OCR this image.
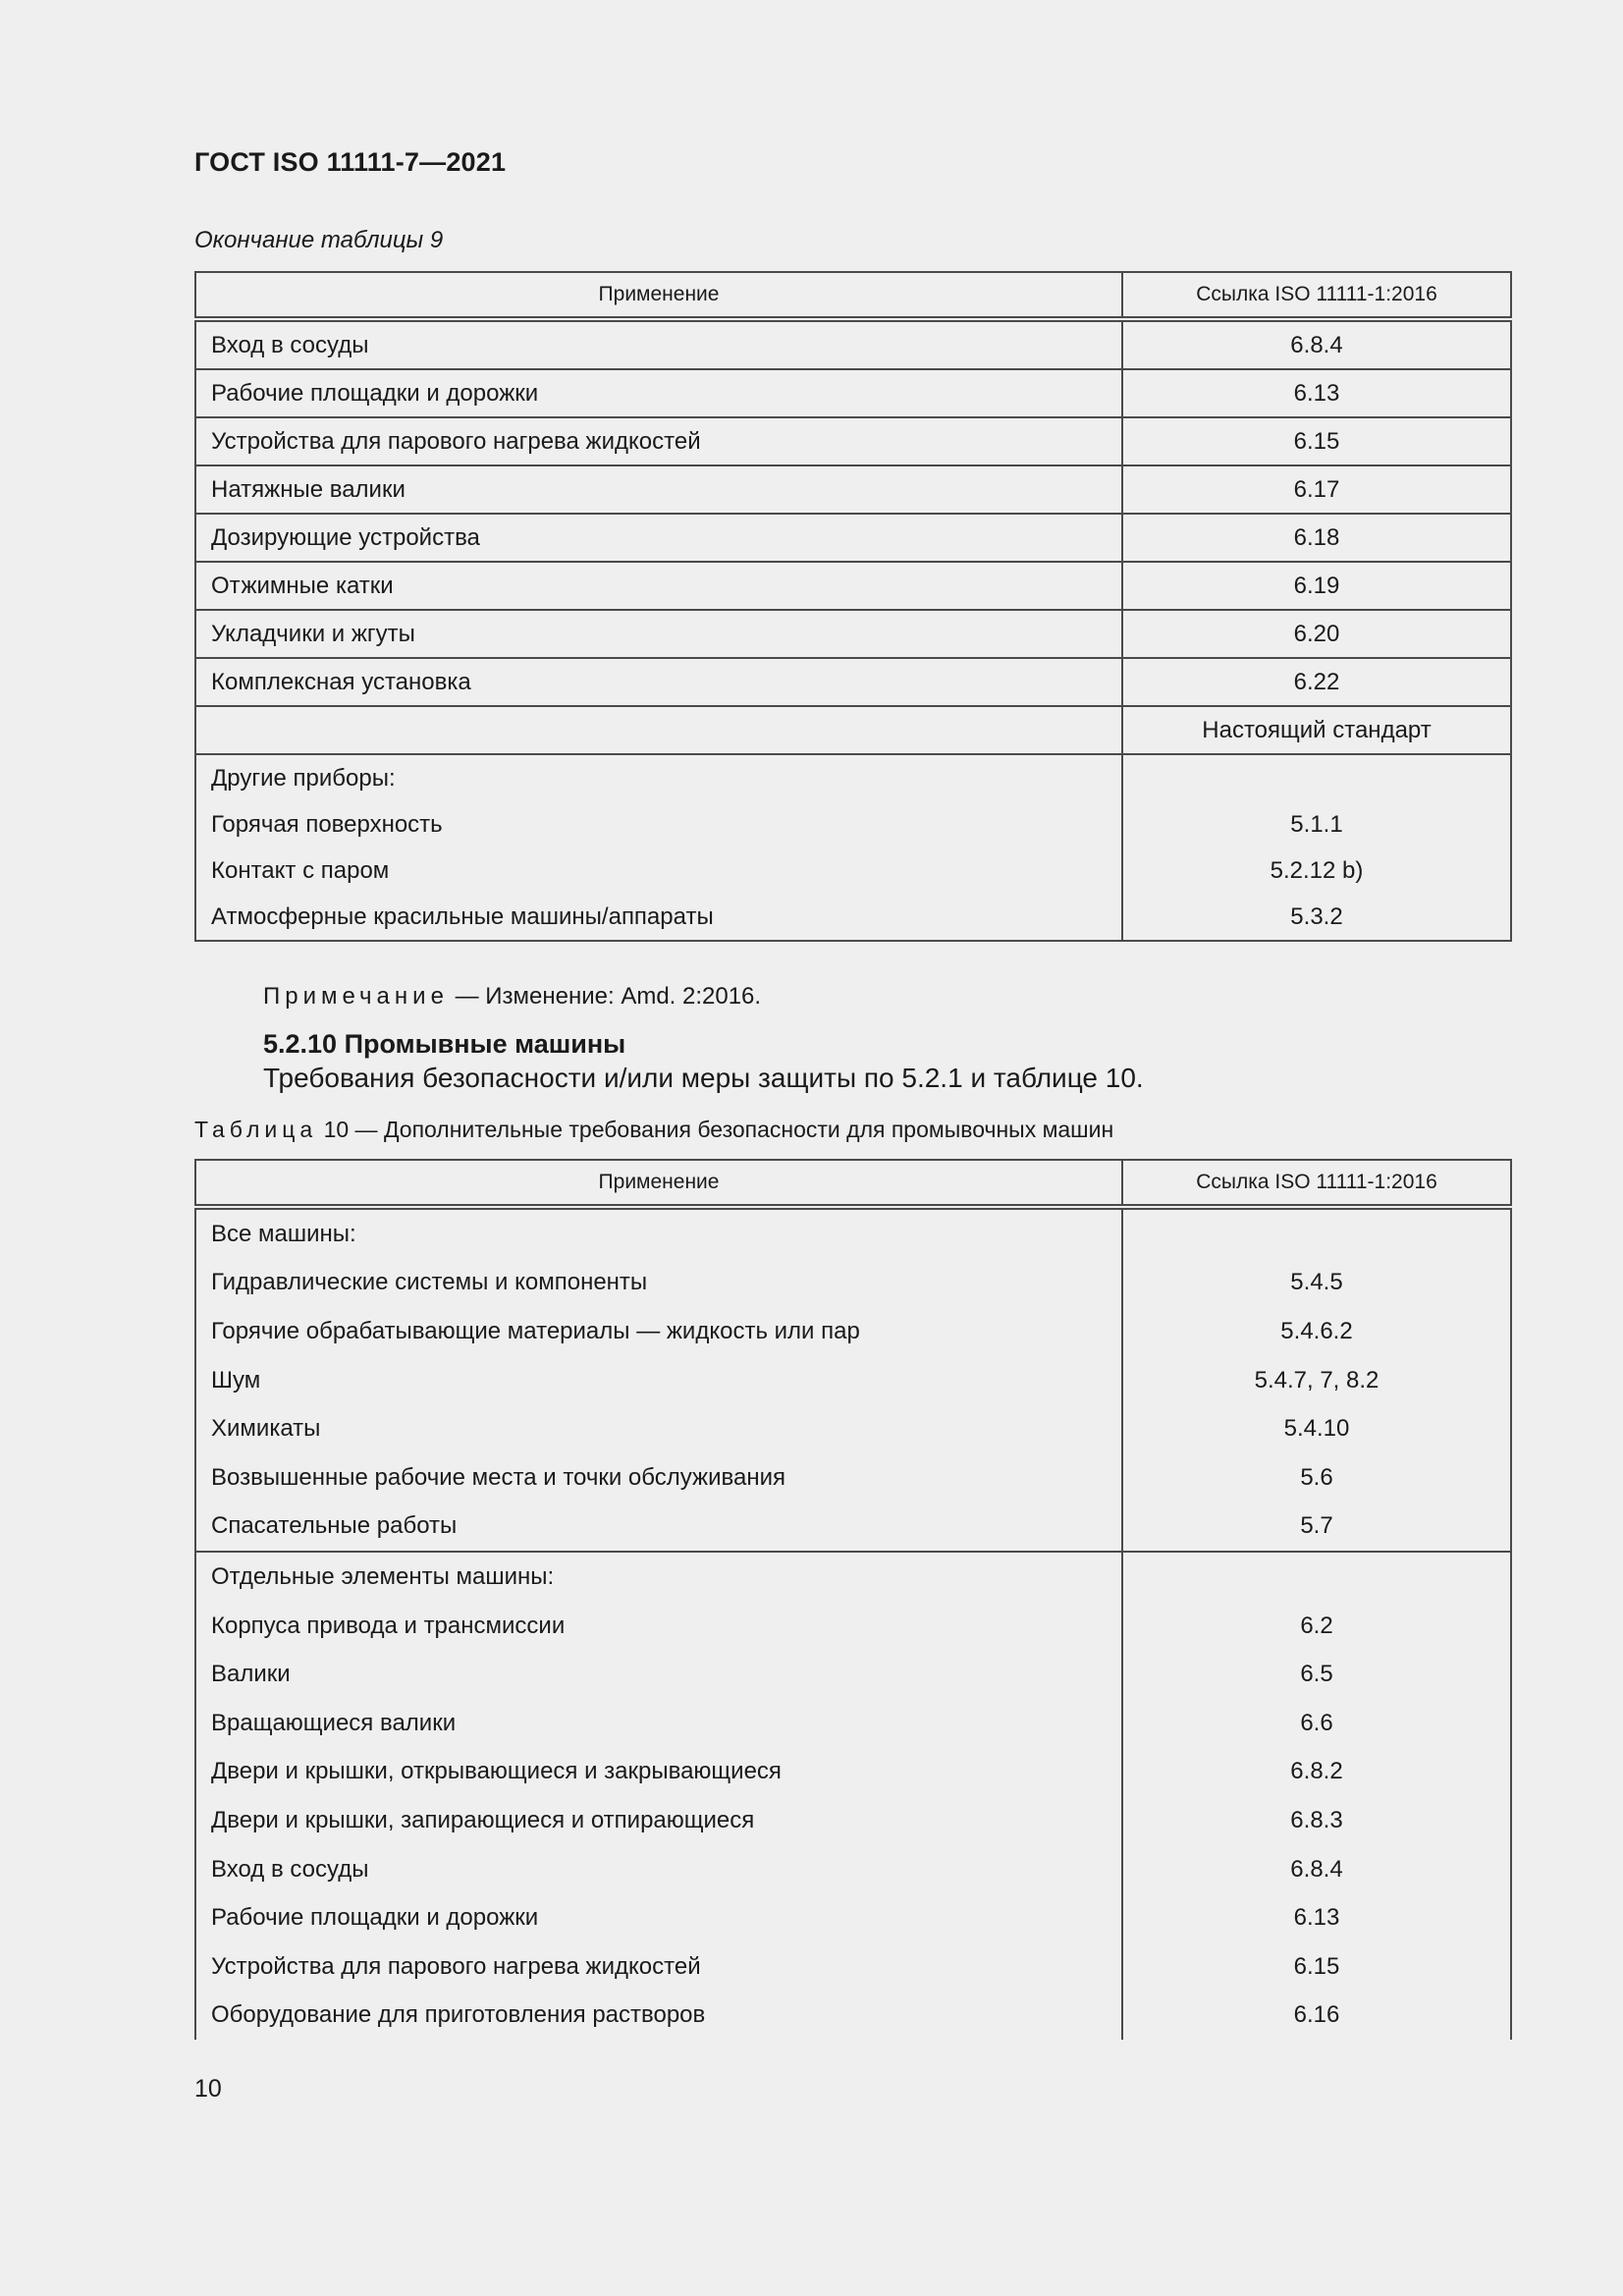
ГОСТ ISO 11111-7—2021
Окончание таблицы 9
Применение	Ссылка ISO 11111-1:2016
Вход в сосуды	6.8.4
Рабочие площадки и дорожки	6.13
Устройства для парового нагрева жидкостей	6.15
Натяжные валики	6.17
Дозирующие устройства	6.18
Отжимные катки	6.19
Укладчики и жгуты	6.20
Комплексная установка	6.22
	Настоящий стандарт
Другие приборы:	
Горячая поверхность	5.1.1
Контакт с паром	5.2.12 b)
Атмосферные красильные машины/аппараты	5.3.2
Примечание — Изменение: Amd. 2:2016.
5.2.10 Промывные машины
Требования безопасности и/или меры защиты по 5.2.1 и таблице 10.
Таблица 10 — Дополнительные требования безопасности для промывочных машин
Применение	Ссылка ISO 11111-1:2016
Все машины:	
Гидравлические системы и компоненты	5.4.5
Горячие обрабатывающие материалы — жидкость или пар	5.4.6.2
Шум	5.4.7, 7, 8.2
Химикаты	5.4.10
Возвышенные рабочие места и точки обслуживания	5.6
Спасательные работы	5.7
Отдельные элементы машины:	
Корпуса привода и трансмиссии	6.2
Валики	6.5
Вращающиеся валики	6.6
Двери и крышки, открывающиеся и закрывающиеся	6.8.2
Двери и крышки, запирающиеся и отпирающиеся	6.8.3
Вход в сосуды	6.8.4
Рабочие площадки и дорожки	6.13
Устройства для парового нагрева жидкостей	6.15
Оборудование для приготовления растворов	6.16
10
